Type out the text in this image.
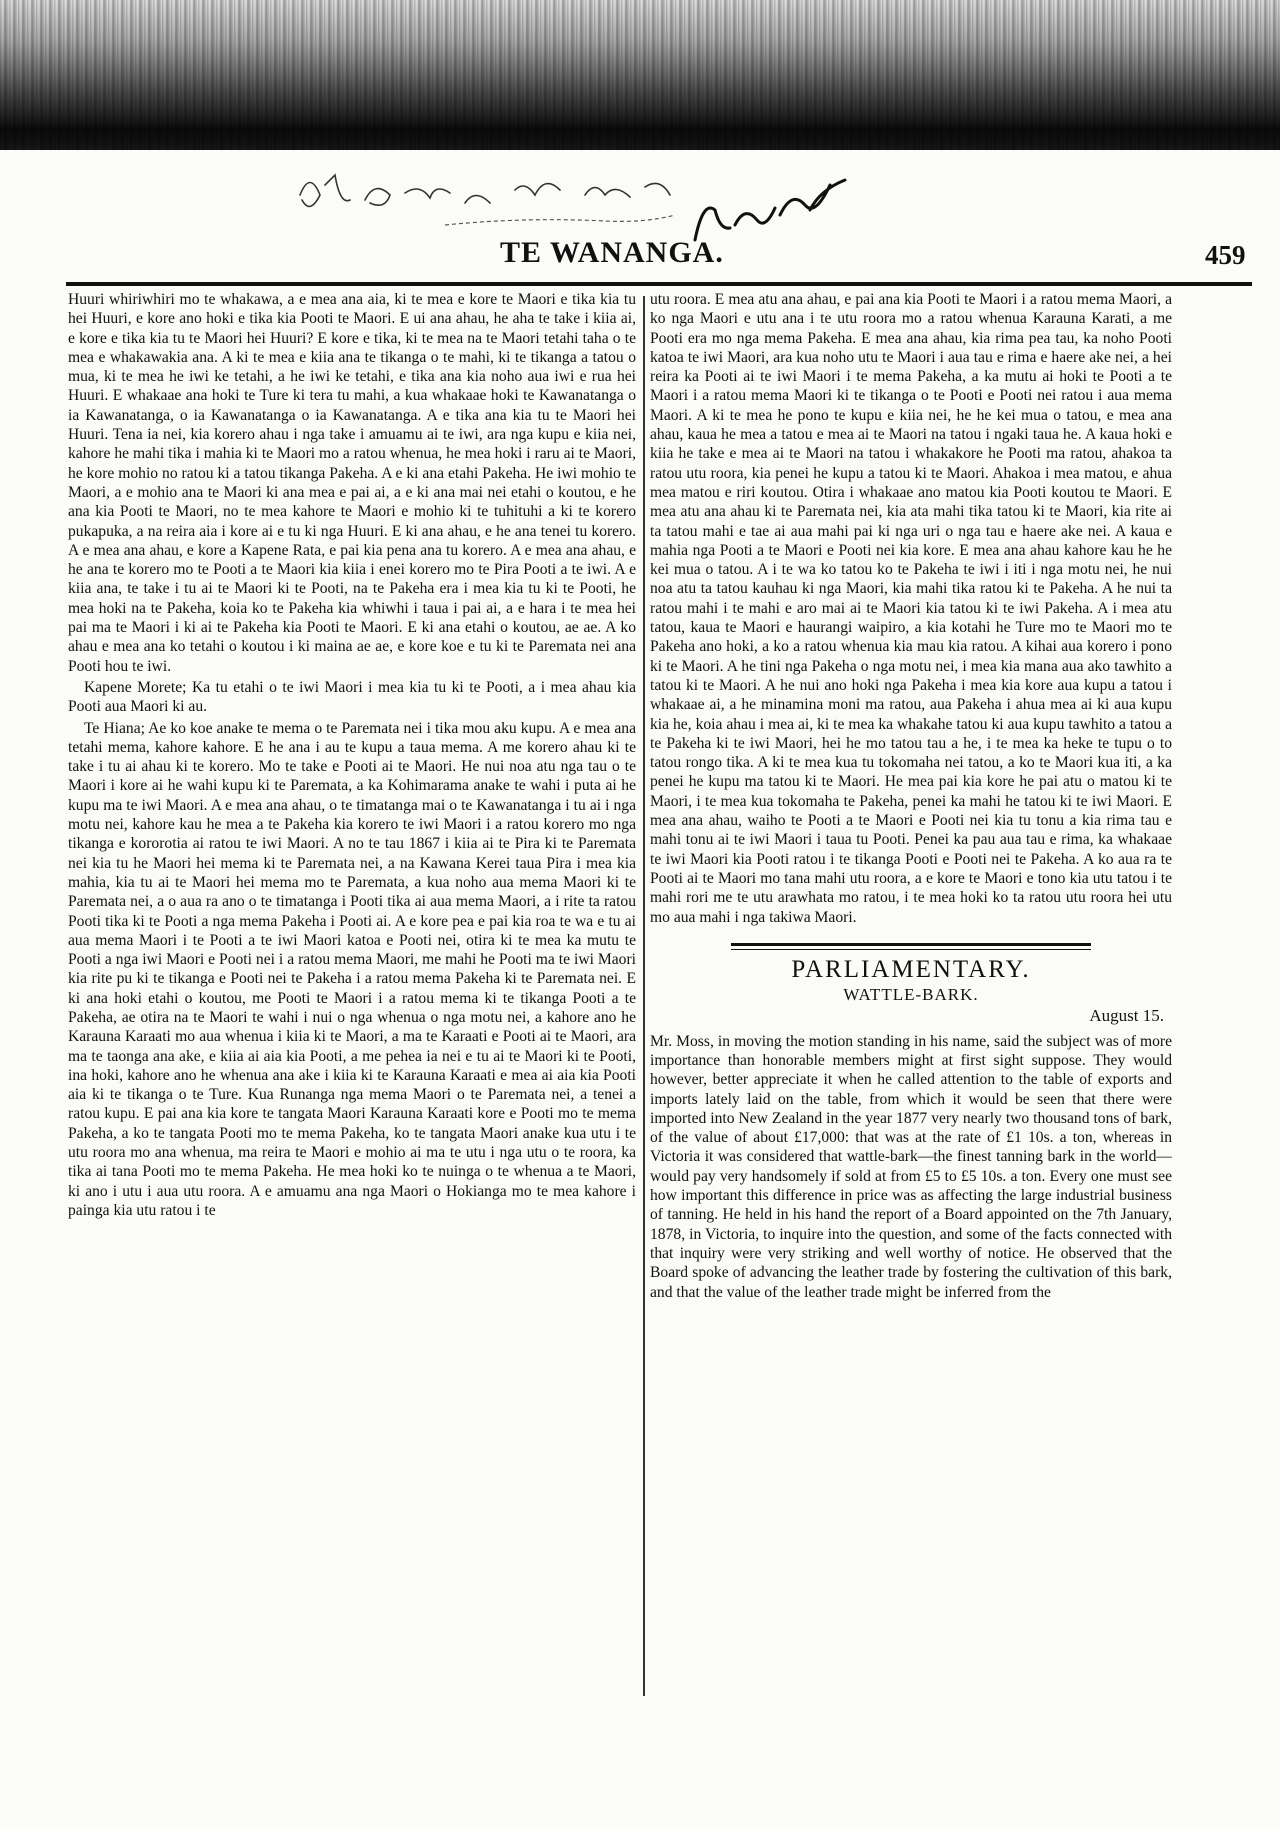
TE WANANGA.	459

Huuri whiriwhiri mo te whakawa, a e mea ana aia, ki te mea e kore te Maori e tika kia tu hei Huuri, e kore ano hoki e tika kia Pooti te Maori. E ui ana ahau, he aha te take i kiia ai, e kore e tika kia tu te Maori hei Huuri? E kore e tika, ki te mea na te Maori tetahi taha o te mea e whakawakia ana. A ki te mea e kiia ana te tikanga o te mahi, ki te tikanga a tatou o mua, ki te mea he iwi ke tetahi, a he iwi ke tetahi, e tika ana kia noho aua iwi e rua hei Huuri. E whakaae ana hoki te Ture ki tera tu mahi, a kua whakaae hoki te Kawanatanga o ia Kawanatanga, o ia Kawanatanga o ia Kawanatanga. A e tika ana kia tu te Maori hei Huuri. Tena ia nei, kia korero ahau i nga take i amuamu ai te iwi, ara nga kupu e kiia nei, kahore he mahi tika i mahia ki te Maori mo a ratou whenua, he mea hoki i raru ai te Maori, he kore mohio no ratou ki a tatou tikanga Pakeha. A e ki ana etahi Pakeha. He iwi mohio te Maori, a e mohio ana te Maori ki ana mea e pai ai, a e ki ana mai nei etahi o koutou, e he ana kia Pooti te Maori, no te mea kahore te Maori e mohio ki te tuhituhi a ki te korero pukapuka, a na reira aia i kore ai e tu ki nga Huuri. E ki ana ahau, e he ana tenei tu korero. A e mea ana ahau, e kore a Kapene Rata, e pai kia pena ana tu korero. A e mea ana ahau, e he ana te korero mo te Pooti a te Maori kia kiia i enei korero mo te Pira Pooti a te iwi. A e kiia ana, te take i tu ai te Maori ki te Pooti, na te Pakeha era i mea kia tu ki te Pooti, he mea hoki na te Pakeha, koia ko te Pakeha kia whiwhi i taua i pai ai, a e hara i te mea hei pai ma te Maori i ki ai te Pakeha kia Pooti te Maori. E ki ana etahi o koutou, ae ae. A ko ahau e mea ana ko tetahi o koutou i ki maina ae ae, e kore koe e tu ki te Paremata nei ana Pooti hou te iwi.

Kapene Morete; Ka tu etahi o te iwi Maori i mea kia tu ki te Pooti, a i mea ahau kia Pooti aua Maori ki au.

Te Hiana; Ae ko koe anake te mema o te Paremata nei i tika mou aku kupu. A e mea ana tetahi mema, kahore kahore. E he ana i au te kupu a taua mema. A me korero ahau ki te take i tu ai ahau ki te korero. Mo te take e Pooti ai te Maori. He nui noa atu nga tau o te Maori i kore ai he wahi kupu ki te Paremata, a ka Kohimarama anake te wahi i puta ai he kupu ma te iwi Maori. A e mea ana ahau, o te timatanga mai o te Kawanatanga i tu ai i nga motu nei, kahore kau he mea a te Pakeha kia korero te iwi Maori i a ratou korero mo nga tikanga e kororotia ai ratou te iwi Maori. A no te tau 1867 i kiia ai te Pira ki te Paremata nei kia tu he Maori hei mema ki te Paremata nei, a na Kawana Kerei taua Pira i mea kia mahia, kia tu ai te Maori hei mema mo te Paremata, a kua noho aua mema Maori ki te Paremata nei, a o aua ra ano o te timatanga i Pooti tika ai aua mema Maori, a i rite ta ratou Pooti tika ki te Pooti a nga mema Pakeha i Pooti ai. A e kore pea e pai kia roa te wa e tu ai aua mema Maori i te Pooti a te iwi Maori katoa e Pooti nei, otira ki te mea ka mutu te Pooti a nga iwi Maori e Pooti nei i a ratou mema Maori, me mahi he Pooti ma te iwi Maori kia rite pu ki te tikanga e Pooti nei te Pakeha i a ratou mema Pakeha ki te Paremata nei. E ki ana hoki etahi o koutou, me Pooti te Maori i a ratou mema ki te tikanga Pooti a te Pakeha, ae otira na te Maori te wahi i nui o nga whenua o nga motu nei, a kahore ano he Karauna Karaati mo aua whenua i kiia ki te Maori, a ma te Karaati e Pooti ai te Maori, ara ma te taonga ana ake, e kiia ai aia kia Pooti, a me pehea ia nei e tu ai te Maori ki te Pooti, ina hoki, kahore ano he whenua ana ake i kiia ki te Karauna Karaati e mea ai aia kia Pooti aia ki te tikanga o te Ture. Kua Runanga nga mema Maori o te Paremata nei, a tenei a ratou kupu. E pai ana kia kore te tangata Maori Karauna Karaati kore e Pooti mo te mema Pakeha, a ko te tangata Pooti mo te mema Pakeha, ko te tangata Maori anake kua utu i te utu roora mo ana whenua, ma reira te Maori e mohio ai ma te utu i nga utu o te roora, ka tika ai tana Pooti mo te mema Pakeha. He mea hoki ko te nuinga o te whenua a te Maori, ki ano i utu i aua utu roora. A e amuamu ana nga Maori o Hokianga mo te mea kahore i painga kia utu ratou i te

utu roora. E mea atu ana ahau, e pai ana kia Pooti te Maori i a ratou mema Maori, a ko nga Maori e utu ana i te utu roora mo a ratou whenua Karauna Karati, a me Pooti era mo nga mema Pakeha. E mea ana ahau, kia rima pea tau, ka noho Pooti katoa te iwi Maori, ara kua noho utu te Maori i aua tau e rima e haere ake nei, a hei reira ka Pooti ai te iwi Maori i te mema Pakeha, a ka mutu ai hoki te Pooti a te Maori i a ratou mema Maori ki te tikanga o te Pooti e Pooti nei ratou i aua mema Maori. A ki te mea he pono te kupu e kiia nei, he he kei mua o tatou, e mea ana ahau, kaua he mea a tatou e mea ai te Maori na tatou i ngaki taua he. A kaua hoki e kiia he take e mea ai te Maori na tatou i whakakore he Pooti ma ratou, ahakoa ta ratou utu roora, kia penei he kupu a tatou ki te Maori. Ahakoa i mea matou, e ahua mea matou e riri koutou. Otira i whakaae ano matou kia Pooti koutou te Maori. E mea atu ana ahau ki te Paremata nei, kia ata mahi tika tatou ki te Maori, kia rite ai ta tatou mahi e tae ai aua mahi pai ki nga uri o nga tau e haere ake nei. A kaua e mahia nga Pooti a te Maori e Pooti nei kia kore. E mea ana ahau kahore kau he he kei mua o tatou. A i te wa ko tatou ko te Pakeha te iwi i iti i nga motu nei, he nui noa atu ta tatou kauhau ki nga Maori, kia mahi tika ratou ki te Pakeha. A he nui ta ratou mahi i te mahi e aro mai ai te Maori kia tatou ki te iwi Pakeha. A i mea atu tatou, kaua te Maori e haurangi waipiro, a kia kotahi he Ture mo te Maori mo te Pakeha ano hoki, a ko a ratou whenua kia mau kia ratou. A kihai aua korero i pono ki te Maori. A he tini nga Pakeha o nga motu nei, i mea kia mana aua ako tawhito a tatou ki te Maori. A he nui ano hoki nga Pakeha i mea kia kore aua kupu a tatou i whakaae ai, a he minamina moni ma ratou, aua Pakeha i ahua mea ai ki aua kupu kia he, koia ahau i mea ai, ki te mea ka whakahe tatou ki aua kupu tawhito a tatou a te Pakeha ki te iwi Maori, hei he mo tatou tau a he, i te mea ka heke te tupu o to tatou rongo tika. A ki te mea kua tu tokomaha nei tatou, a ko te Maori kua iti, a ka penei he kupu ma tatou ki te Maori. He mea pai kia kore he pai atu o matou ki te Maori, i te mea kua tokomaha te Pakeha, penei ka mahi he tatou ki te iwi Maori. E mea ana ahau, waiho te Pooti a te Maori e Pooti nei kia tu tonu a kia rima tau e mahi tonu ai te iwi Maori i taua tu Pooti. Penei ka pau aua tau e rima, ka whakaae te iwi Maori kia Pooti ratou i te tikanga Pooti e Pooti nei te Pakeha. A ko aua ra te Pooti ai te Maori mo tana mahi utu roora, a e kore te Maori e tono kia utu tatou i te mahi rori me te utu arawhata mo ratou, i te mea hoki ko ta ratou utu roora hei utu mo aua mahi i nga takiwa Maori.

PARLIAMENTARY.
WATTLE-BARK.
August 15.

Mr. Moss, in moving the motion standing in his name, said the subject was of more importance than honorable members might at first sight suppose. They would however, better appreciate it when he called attention to the table of exports and imports lately laid on the table, from which it would be seen that there were imported into New Zealand in the year 1877 very nearly two thousand tons of bark, of the value of about £17,000: that was at the rate of £1 10s. a ton, whereas in Victoria it was considered that wattle-bark—the finest tanning bark in the world—would pay very handsomely if sold at from £5 to £5 10s. a ton. Every one must see how important this difference in price was as affecting the large industrial business of tanning. He held in his hand the report of a Board appointed on the 7th January, 1878, in Victoria, to inquire into the question, and some of the facts connected with that inquiry were very striking and well worthy of notice. He observed that the Board spoke of advancing the leather trade by fostering the cultivation of this bark, and that the value of the leather trade might be inferred from the
